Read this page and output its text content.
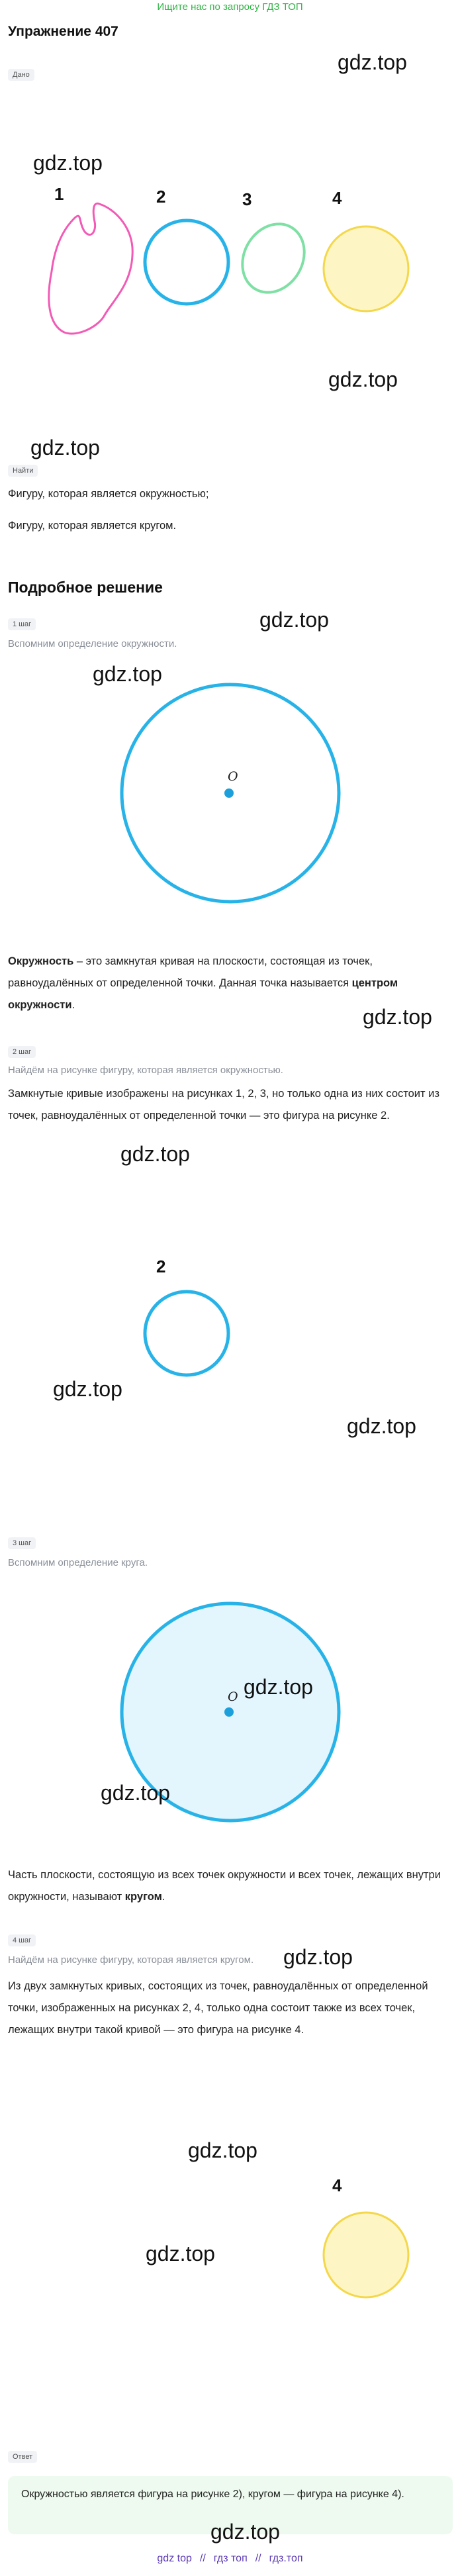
Ищите нас по запросу ГДЗ ТОП
Упражнение 407
Дано
gdz.top
gdz.top
1	2	3	4
gdz.top
gdz.top
Найти
Фигуру, которая является окружностью;
Фигуру, которая является кругом.
Подробное решение
1 шаг	gdz.top
Вспомним определение окружности.
gdz.top
O
Окружность – это замкнутая кривая на плоскости, состоящая из точек, равноудалённых от определенной точки. Данная точка называется центром окружности.	gdz.top
2 шаг
Найдём на рисунке фигуру, которая является окружностью.
Замкнутые кривые изображены на рисунках 1, 2, 3, но только одна из них состоит из точек, равноудалённых от определенной точки — это фигура на рисунке 2.
gdz.top
2
gdz.top
gdz.top
3 шаг
Вспомним определение круга.
O gdz.top
gdz.top
Часть плоскости, состоящую из всех точек окружности и всех точек, лежащих внутри окружности, называют кругом.
4 шаг
Найдём на рисунке фигуру, которая является кругом. gdz.top
Из двух замкнутых кривых, состоящих из точек, равноудалённых от определенной точки, изображенных на рисунках 2, 4, только одна состоит также из всех точек, лежащих внутри такой кривой — это фигура на рисунке 4.
gdz.top
4
gdz.top
Ответ
Окружностью является фигура на рисунке 2), кругом — фигура на рисунке 4).
gdz.top
gdz top // гдз топ // гдз.топ
